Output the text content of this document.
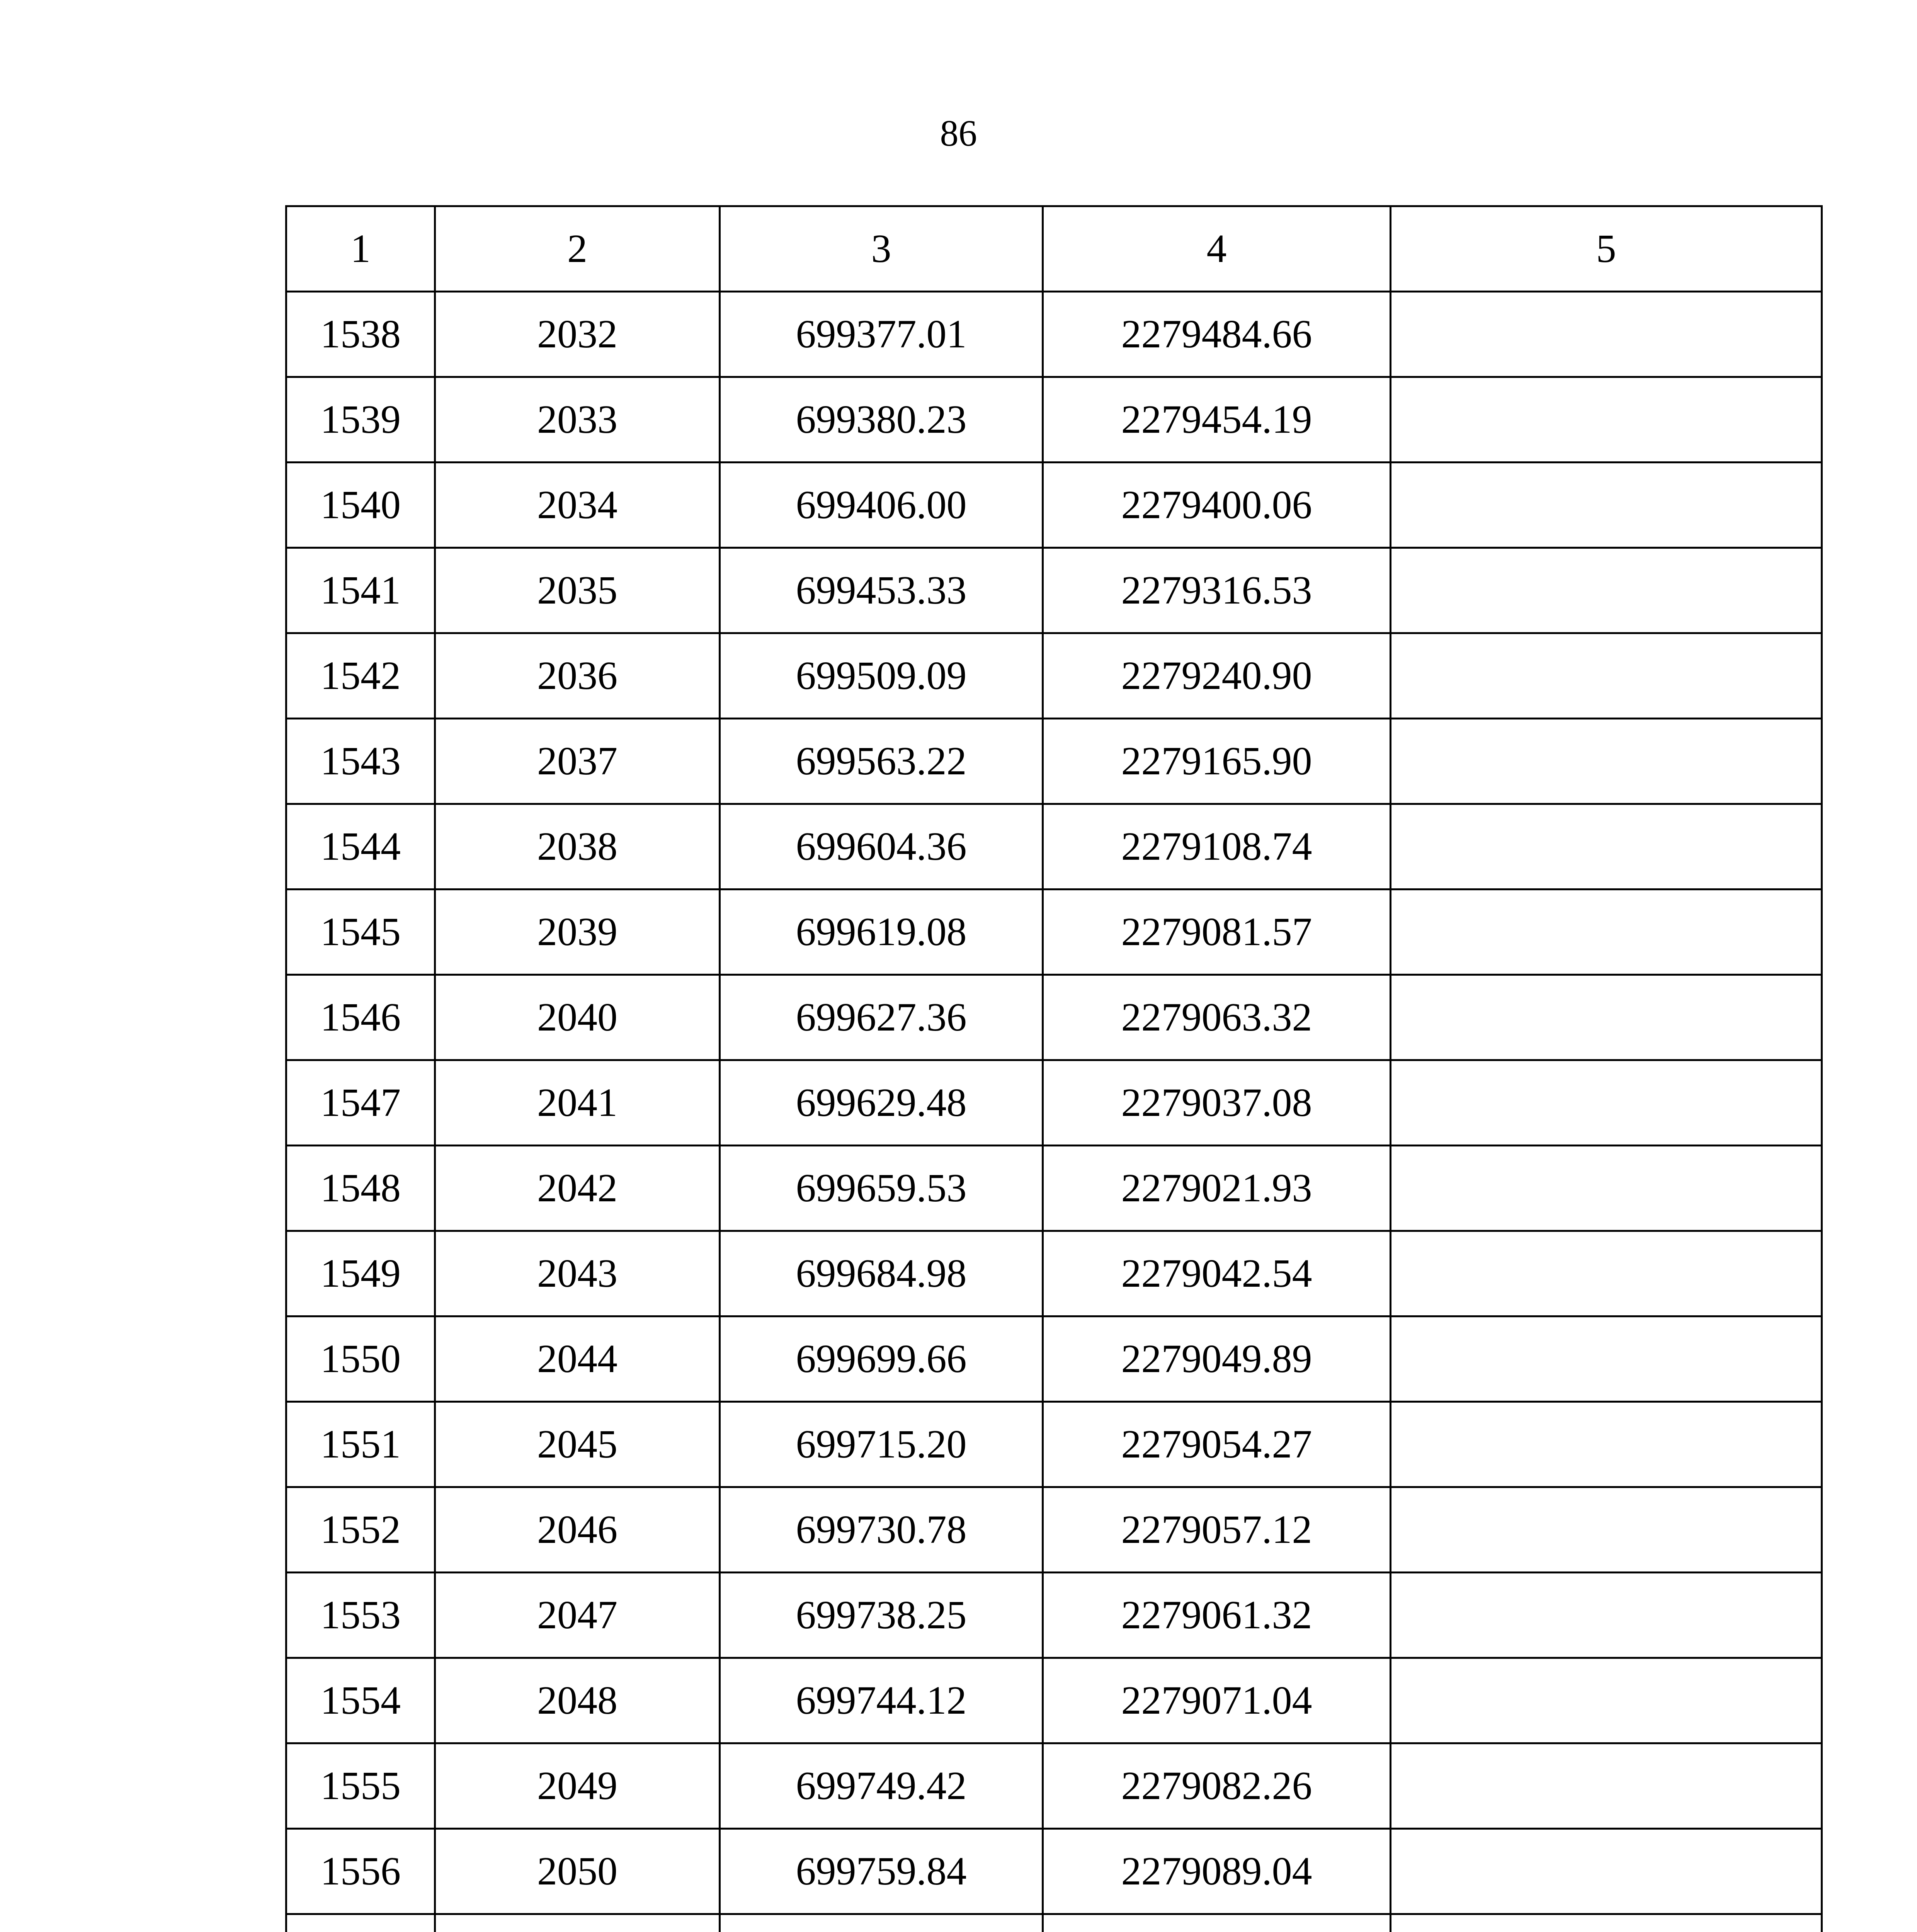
86
1	2	3	4	5
1538	2032	699377.01	2279484.66	
1539	2033	699380.23	2279454.19	
1540	2034	699406.00	2279400.06	
1541	2035	699453.33	2279316.53	
1542	2036	699509.09	2279240.90	
1543	2037	699563.22	2279165.90	
1544	2038	699604.36	2279108.74	
1545	2039	699619.08	2279081.57	
1546	2040	699627.36	2279063.32	
1547	2041	699629.48	2279037.08	
1548	2042	699659.53	2279021.93	
1549	2043	699684.98	2279042.54	
1550	2044	699699.66	2279049.89	
1551	2045	699715.20	2279054.27	
1552	2046	699730.78	2279057.12	
1553	2047	699738.25	2279061.32	
1554	2048	699744.12	2279071.04	
1555	2049	699749.42	2279082.26	
1556	2050	699759.84	2279089.04	
